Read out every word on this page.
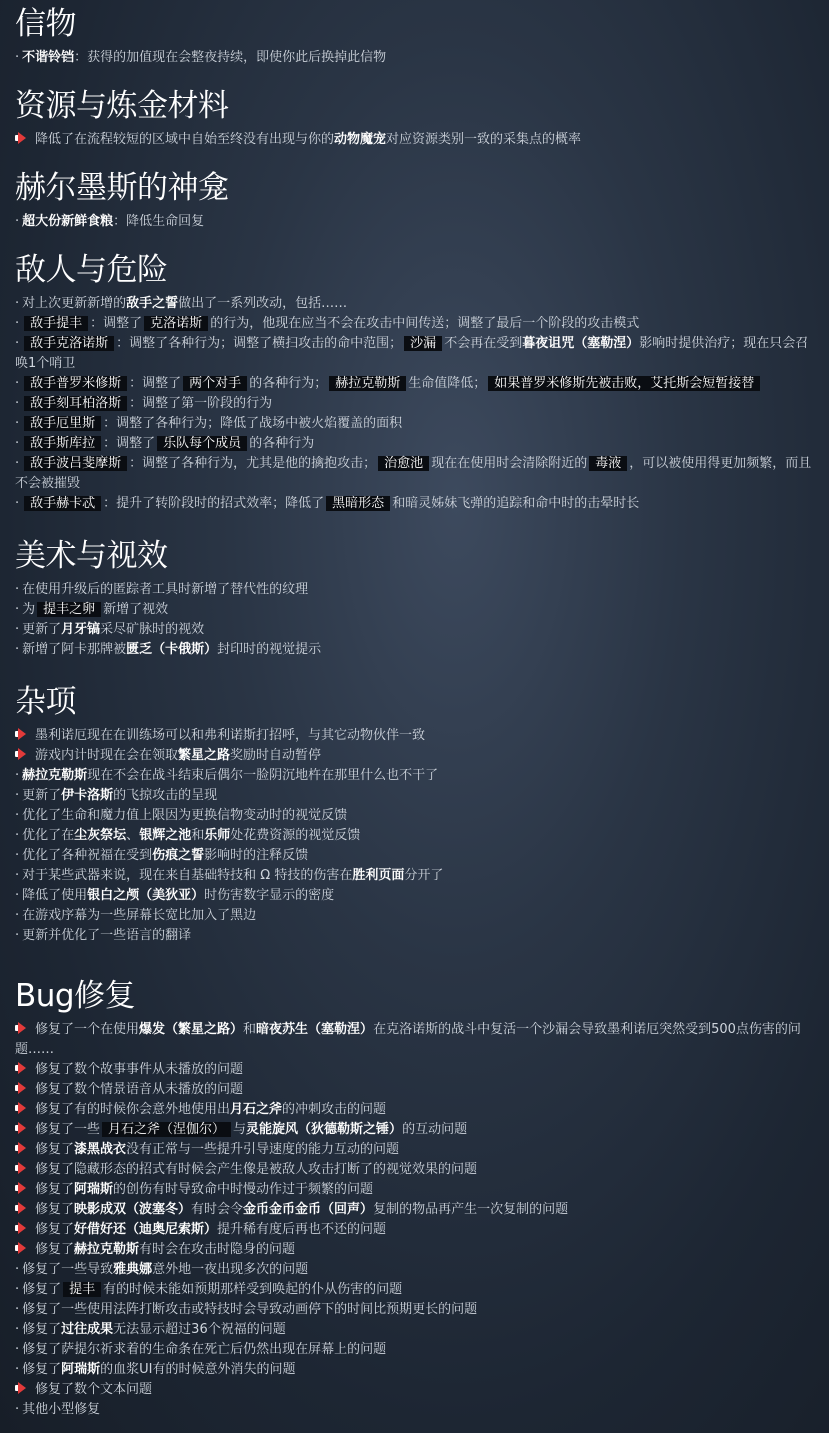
信物
· 不谐铃铛：获得的加值现在会整夜持续，即使你此后换掉此信物
资源与炼金材料
降低了在流程较短的区域中自始至终没有出现与你的动物魔宠对应资源类别一致的采集点的概率
赫尔墨斯的神龛
· 超大份新鲜食粮：降低生命回复
敌人与危险
· 对上次更新新增的敌手之誓做出了一系列改动，包括……
· 敌手提丰 ：调整了 克洛诺斯 的行为，他现在应当不会在攻击中间传送；调整了最后一个阶段的攻击模式
· 敌手克洛诺斯 ：调整了各种行为；调整了横扫攻击的命中范围； 沙漏 不会再在受到暮夜诅咒（塞勒涅）影响时提供治疗；现在只会召唤1个哨卫
· 敌手普罗米修斯 ：调整了 两个对手 的各种行为； 赫拉克勒斯 生命值降低； 如果普罗米修斯先被击败，艾托斯会短暂接替
· 敌手刻耳柏洛斯 ：调整了第一阶段的行为
· 敌手厄里斯 ：调整了各种行为；降低了战场中被火焰覆盖的面积
· 敌手斯库拉 ：调整了 乐队每个成员 的各种行为
· 敌手波吕斐摩斯 ：调整了各种行为，尤其是他的擒抱攻击； 治愈池 现在在使用时会清除附近的 毒液 ，可以被使用得更加频繁，而且不会被摧毁
· 敌手赫卡忒 ：提升了转阶段时的招式效率；降低了 黑暗形态 和暗灵姊妹飞弹的追踪和命中时的击晕时长
美术与视效
· 在使用升级后的匿踪者工具时新增了替代性的纹理
· 为 提丰之卵 新增了视效
· 更新了月牙镐采尽矿脉时的视效
· 新增了阿卡那牌被匮乏（卡俄斯）封印时的视觉提示
杂项
墨利诺厄现在在训练场可以和弗利诺斯打招呼，与其它动物伙伴一致
游戏内计时现在会在领取繁星之路奖励时自动暂停
· 赫拉克勒斯现在不会在战斗结束后偶尔一脸阴沉地杵在那里什么也不干了
· 更新了伊卡洛斯的飞掠攻击的呈现
· 优化了生命和魔力值上限因为更换信物变动时的视觉反馈
· 优化了在尘灰祭坛、银辉之池和乐师处花费资源的视觉反馈
· 优化了各种祝福在受到伤痕之誓影响时的注释反馈
· 对于某些武器来说，现在来自基础特技和 Ω 特技的伤害在胜利页面分开了
· 降低了使用银白之颅（美狄亚）时伤害数字显示的密度
· 在游戏序幕为一些屏幕长宽比加入了黑边
· 更新并优化了一些语言的翻译
Bug修复
修复了一个在使用爆发（繁星之路）和暗夜苏生（塞勒涅）在克洛诺斯的战斗中复活一个沙漏会导致墨利诺厄突然受到500点伤害的问题……
修复了数个故事事件从未播放的问题
修复了数个情景语音从未播放的问题
修复了有的时候你会意外地使用出月石之斧的冲刺攻击的问题
修复了一些 月石之斧（涅伽尔） 与灵能旋风（狄德勒斯之锤）的互动问题
修复了漆黑战衣没有正常与一些提升引导速度的能力互动的问题
修复了隐藏形态的招式有时候会产生像是被敌人攻击打断了的视觉效果的问题
修复了阿瑞斯的创伤有时导致命中时慢动作过于频繁的问题
修复了映影成双（波塞冬）有时会令金币金币金币（回声）复制的物品再产生一次复制的问题
修复了好借好还（迪奥尼索斯）提升稀有度后再也不还的问题
修复了赫拉克勒斯有时会在攻击时隐身的问题
· 修复了一些导致雅典娜意外地一夜出现多次的问题
· 修复了 提丰 有的时候未能如预期那样受到唤起的仆从伤害的问题
· 修复了一些使用法阵打断攻击或特技时会导致动画停下的时间比预期更长的问题
· 修复了过往成果无法显示超过36个祝福的问题
· 修复了萨提尔祈求着的生命条在死亡后仍然出现在屏幕上的问题
· 修复了阿瑞斯的血浆UI有的时候意外消失的问题
修复了数个文本问题
· 其他小型修复
